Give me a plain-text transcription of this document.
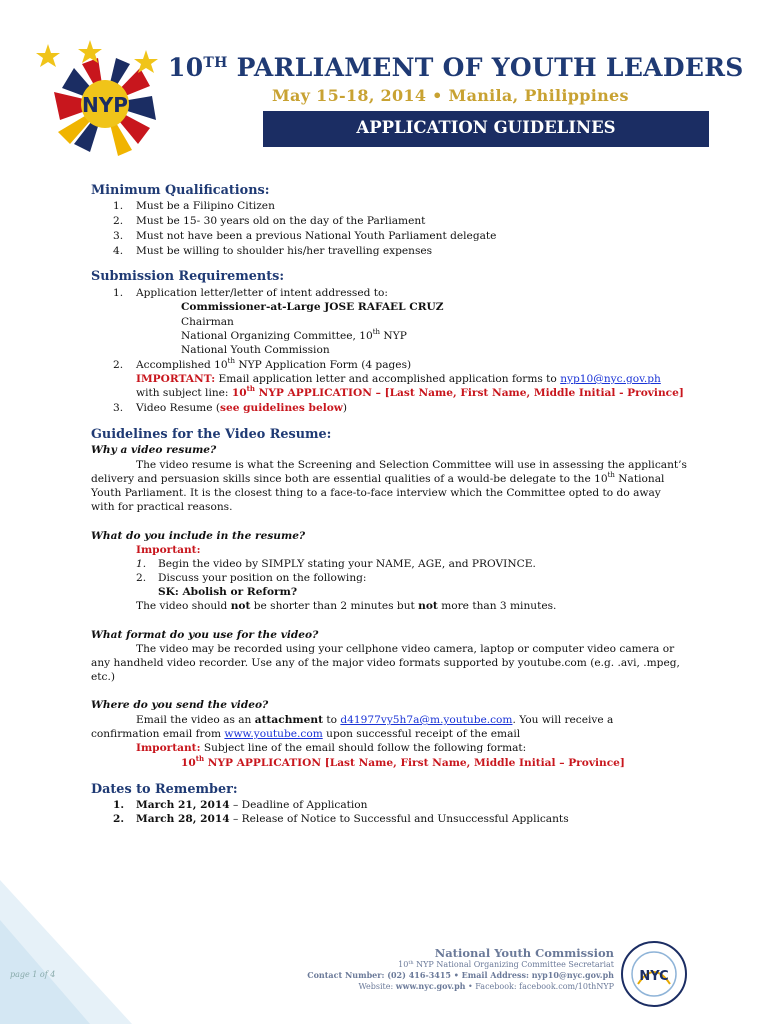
NYP
10TH PARLIAMENT OF YOUTH LEADERS
May 15-18, 2014 • Manila, Philippines
APPLICATION GUIDELINES
Minimum Qualifications:
1. Must be a Filipino Citizen
2. Must be 15- 30 years old on the day of the Parliament
3. Must not have been a previous National Youth Parliament delegate
4. Must be willing to shoulder his/her travelling expenses
Submission Requirements:
1. Application letter/letter of intent addressed to:
Commissioner-at-Large JOSE RAFAEL CRUZ
Chairman
National Organizing Committee, 10th NYP
National Youth Commission
2. Accomplished 10th NYP Application Form (4 pages)
IMPORTANT: Email application letter and accomplished application forms to nyp10@nyc.gov.ph
with subject line: 10th NYP APPLICATION – [Last Name, First Name, Middle Initial - Province]
3. Video Resume (see guidelines below)
Guidelines for the Video Resume:
Why a video resume?
The video resume is what the Screening and Selection Committee will use in assessing the applicant’s
delivery and persuasion skills since both are essential qualities of a would-be delegate to the 10th National
Youth Parliament. It is the closest thing to a face-to-face interview which the Committee opted to do away
with for practical reasons.
What do you include in the resume?
Important:
1. Begin the video by SIMPLY stating your NAME, AGE, and PROVINCE.
2. Discuss your position on the following:
SK: Abolish or Reform?
The video should not be shorter than 2 minutes but not more than 3 minutes.
What format do you use for the video?
The video may be recorded using your cellphone video camera, laptop or computer video camera or
any handheld video recorder. Use any of the major video formats supported by youtube.com (e.g. .avi, .mpeg,
etc.)
Where do you send the video?
Email the video as an attachment to d41977vy5h7a@m.youtube.com. You will receive a
confirmation email from www.youtube.com upon successful receipt of the email
Important: Subject line of the email should follow the following format:
10th NYP APPLICATION [Last Name, First Name, Middle Initial – Province]
Dates to Remember:
1. March 21, 2014 – Deadline of Application
2. March 28, 2014 – Release of Notice to Successful and Unsuccessful Applicants
page 1 of 4
National Youth Commission
10th NYP National Organizing Committee Secretariat
Contact Number: (02) 416-3415 • Email Address: nyp10@nyc.gov.ph
Website: www.nyc.gov.ph • Facebook: facebook.com/10thNYP
NYC
